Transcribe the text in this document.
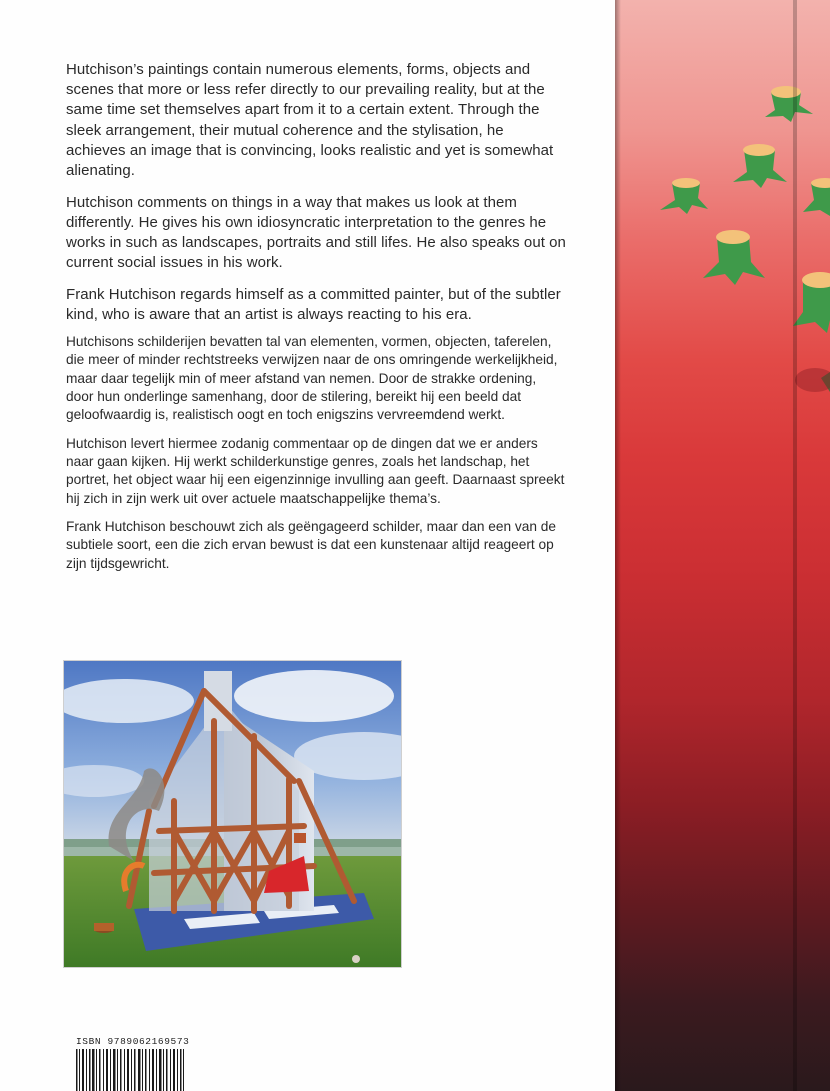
Hutchison’s paintings contain numerous elements, forms, objects and scenes that more or less refer directly to our prevailing reality, but at the same time set themselves apart from it to a certain extent. Through the sleek arrangement, their mutual coherence and the stylisation, he achieves an image that is convincing, looks realistic and yet is somewhat alienating.

Hutchison comments on things in a way that makes us look at them differently. He gives his own idiosyncratic interpretation to the genres he works in such as landscapes, portraits and still lifes. He also speaks out on current social issues in his work.

Frank Hutchison regards himself as a committed painter, but of the subtler kind, who is aware that an artist is always reacting to his era.

Hutchisons schilderijen bevatten tal van elementen, vormen, objecten, taferelen, die meer of minder rechtstreeks verwijzen naar de ons omringende werkelijkheid, maar daar tegelijk min of meer afstand van nemen. Door de strakke ordening, door hun onderlinge samenhang, door de stilering, bereikt hij een beeld dat geloofwaardig is, realistisch oogt en toch enigszins vervreemdend werkt.

Hutchison levert hiermee zodanig commentaar op de dingen dat we er anders naar gaan kijken. Hij werkt schilderkunstige genres, zoals het landschap, het portret, het object waar hij een eigenzinnige invulling aan geeft. Daarnaast spreekt hij zich in zijn werk uit over actuele maatschappelijke thema’s.

Frank Hutchison beschouwt zich als geëngageerd schilder, maar dan een van de subtiele soort, een die zich ervan bewust is dat een kunstenaar altijd reageert op zijn tijdsgewricht.

ISBN 9789062169573
